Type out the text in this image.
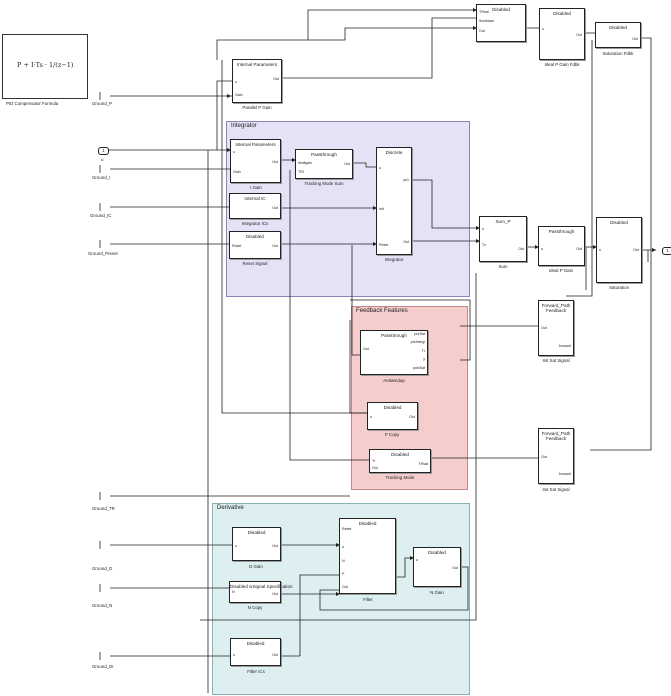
Integrator
Feedback Features
Derivative
P + I·Ts · 1/(z−1)
PID Compensator Formula
1
u
1
Ground_P
Ground_I
Ground_IC
Ground_Preset
Ground_TR
Ground_D
Ground_N
Ground_DI
Internal Parameters
u
Gain
Out
Parallel P Gain
Internal Parameters
u
Gain
Out
I Gain
Passthrough
Ilimitgain
TRI
Out
Tracking Mode Sum
Internal IC
Out
Integrator ICs
Disabled
Reset	Out
Reset Signal
Discrete
u
Init
Reset
yn1
Out
Integrator
Disabled
TRsat
Sumbase
Out
Disabled
u
Out
Ideal P Gain Fdbk
Disabled
Out
Saturation Fdbk
Sum_P
u
Tx
Out
Sum
Passthrough
u	Out
Ideal P Gain
Disabled
u	Out
Saturation
Passthrough
Out
preSat
preIntegr
Tr
y
postSat
Antiwindup
Disabled
u	Out
P Copy
Disabled
Tr
Out
TRsat
Tracking Mode
Forward_Path
Feedback
Out
forward
Init Sat Signal
Forward_Path
Feedback
Out
forward
Init Sat Signal
Disabled
u	Out
D Gain
Disabled wSignal Specification
N	Out
N Copy
Disabled
Reset
u
N
P
Out
Filter
Disabled
u
Out
N Gain
Disabled
u	Out
Filter ICs
